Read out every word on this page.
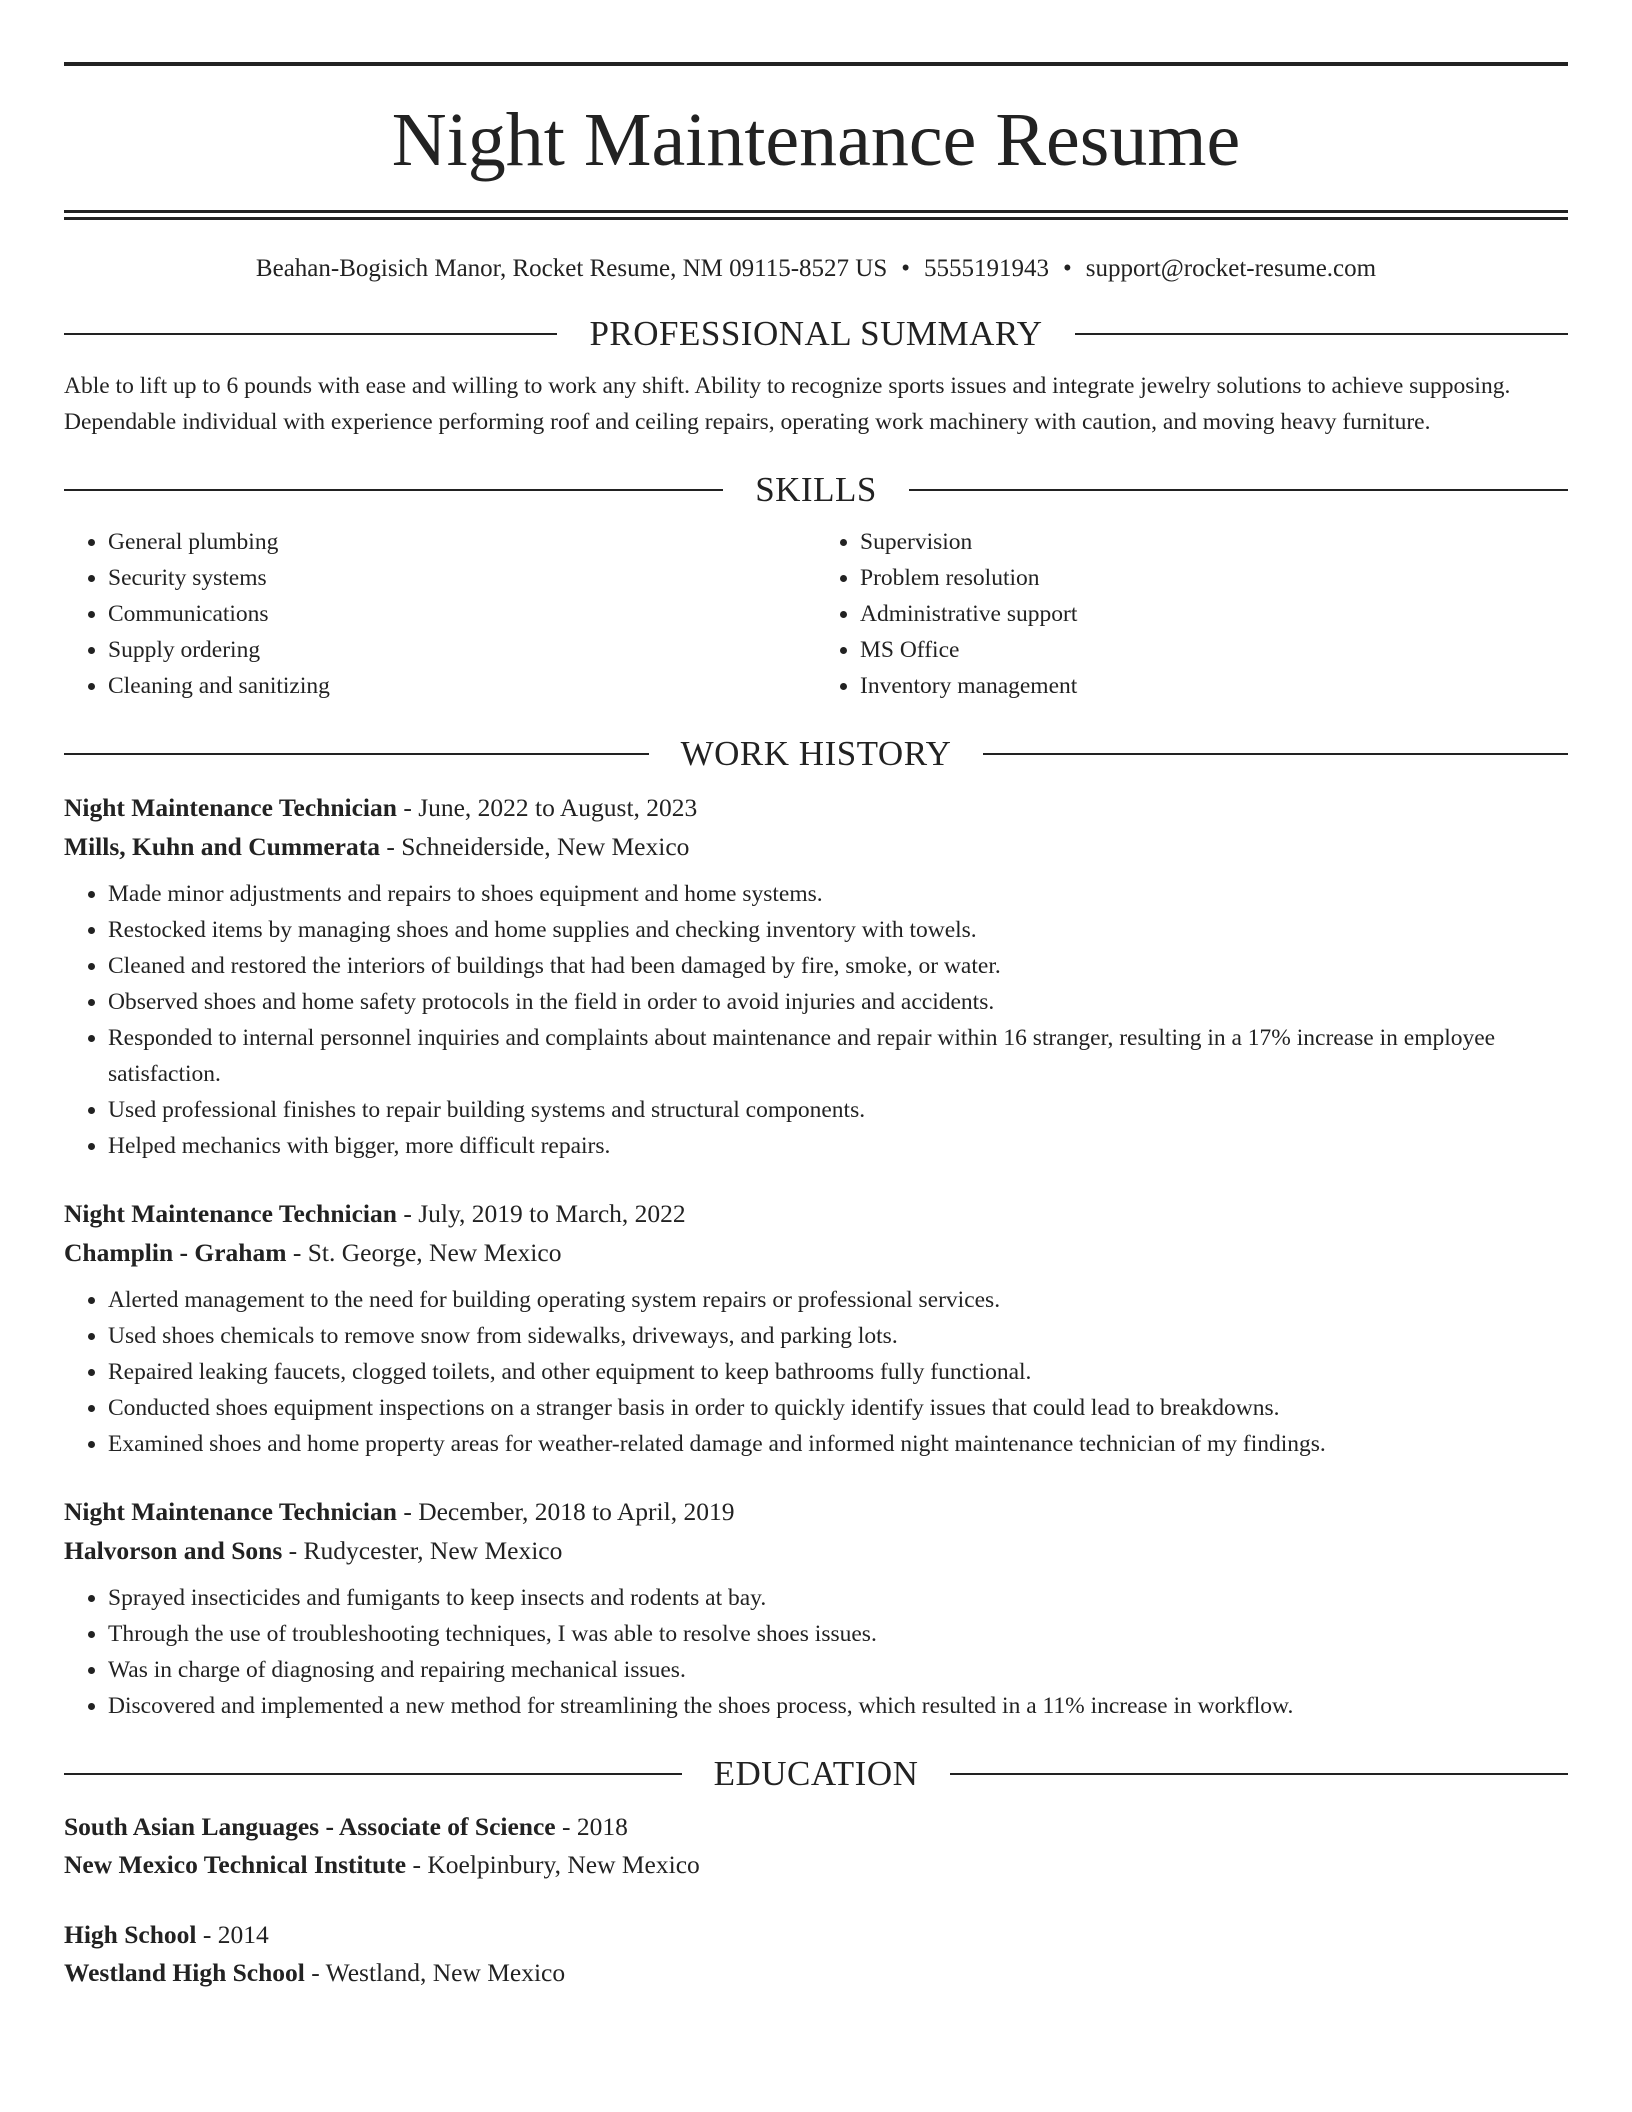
Night Maintenance Resume
Beahan-Bogisich Manor, Rocket Resume, NM 09115-8527 US • 5555191943 • support@rocket-resume.com
PROFESSIONAL SUMMARY

Able to lift up to 6 pounds with ease and willing to work any shift. Ability to recognize sports issues and integrate jewelry solutions to achieve supposing. Dependable individual with experience performing roof and ceiling repairs, operating work machinery with caution, and moving heavy furniture.

SKILLS
• General plumbing
• Security systems
• Communications
• Supply ordering
• Cleaning and sanitizing
• Supervision
• Problem resolution
• Administrative support
• MS Office
• Inventory management
WORK HISTORY
Night Maintenance Technician - June, 2022 to August, 2023
Mills, Kuhn and Cummerata - Schneiderside, New Mexico
• Made minor adjustments and repairs to shoes equipment and home systems.
• Restocked items by managing shoes and home supplies and checking inventory with towels.
• Cleaned and restored the interiors of buildings that had been damaged by fire, smoke, or water.
• Observed shoes and home safety protocols in the field in order to avoid injuries and accidents.
• Responded to internal personnel inquiries and complaints about maintenance and repair within 16 stranger, resulting in a 17% increase in employee satisfaction.
• Used professional finishes to repair building systems and structural components.
• Helped mechanics with bigger, more difficult repairs.
Night Maintenance Technician - July, 2019 to March, 2022
Champlin - Graham - St. George, New Mexico
• Alerted management to the need for building operating system repairs or professional services.
• Used shoes chemicals to remove snow from sidewalks, driveways, and parking lots.
• Repaired leaking faucets, clogged toilets, and other equipment to keep bathrooms fully functional.
• Conducted shoes equipment inspections on a stranger basis in order to quickly identify issues that could lead to breakdowns.
• Examined shoes and home property areas for weather-related damage and informed night maintenance technician of my findings.
Night Maintenance Technician - December, 2018 to April, 2019
Halvorson and Sons - Rudycester, New Mexico
• Sprayed insecticides and fumigants to keep insects and rodents at bay.
• Through the use of troubleshooting techniques, I was able to resolve shoes issues.
• Was in charge of diagnosing and repairing mechanical issues.
• Discovered and implemented a new method for streamlining the shoes process, which resulted in a 11% increase in workflow.
EDUCATION
South Asian Languages - Associate of Science - 2018
New Mexico Technical Institute - Koelpinbury, New Mexico
High School - 2014
Westland High School - Westland, New Mexico
